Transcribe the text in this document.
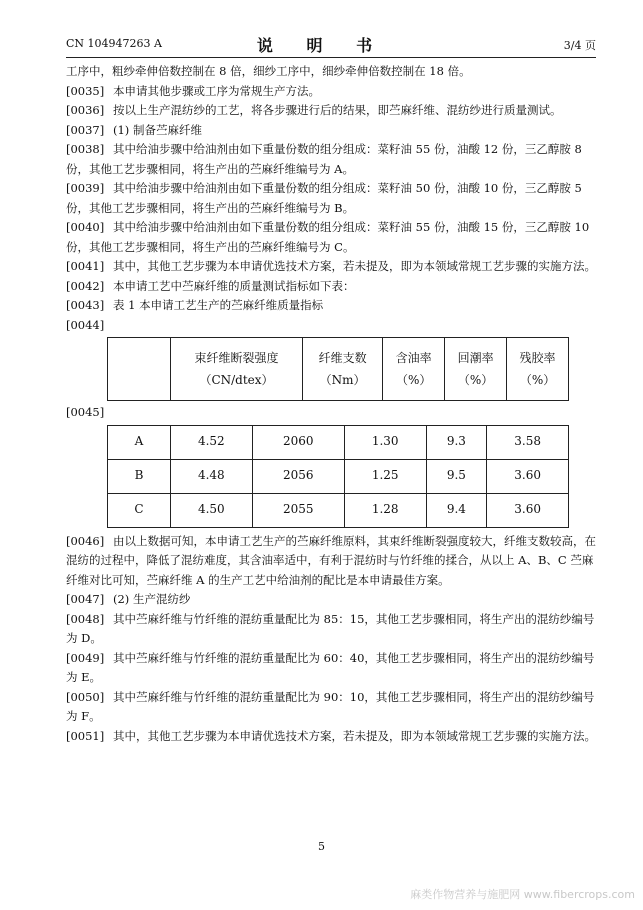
CN 104947263 A	说 明 书	3/4 页
工序中，粗纱牵伸倍数控制在 8 倍，细纱工序中，细纱牵伸倍数控制在 18 倍。
[0035] 本申请其他步骤或工序为常规生产方法。
[0036] 按以上生产混纺纱的工艺，将各步骤进行后的结果，即苎麻纤维、混纺纱进行质量测试。
[0037] (1) 制备苎麻纤维
[0038] 其中给油步骤中给油剂由如下重量份数的组分组成：菜籽油 55 份，油酸 12 份，三乙醇胺 8 份，其他工艺步骤相同，将生产出的苎麻纤维编号为 A。
[0039] 其中给油步骤中给油剂由如下重量份数的组分组成：菜籽油 50 份，油酸 10 份，三乙醇胺 5 份，其他工艺步骤相同，将生产出的苎麻纤维编号为 B。
[0040] 其中给油步骤中给油剂由如下重量份数的组分组成：菜籽油 55 份，油酸 15 份，三乙醇胺 10 份，其他工艺步骤相同，将生产出的苎麻纤维编号为 C。
[0041] 其中，其他工艺步骤为本申请优选技术方案，若未提及，即为本领域常规工艺步骤的实施方法。
[0042] 本申请工艺中苎麻纤维的质量测试指标如下表：
[0043] 表 1 本申请工艺生产的苎麻纤维质量指标
[0044]
	束纤维断裂强度（CN/dtex）	纤维支数（Nm）	含油率（%）	回潮率（%）	残胶率（%）
[0045]
A	4.52	2060	1.30	9.3	3.58
B	4.48	2056	1.25	9.5	3.60
C	4.50	2055	1.28	9.4	3.60
[0046] 由以上数据可知，本申请工艺生产的苎麻纤维原料，其束纤维断裂强度较大，纤维支数较高，在混纺的过程中，降低了混纺难度，其含油率适中，有利于混纺时与竹纤维的揉合，从以上 A、B、C 苎麻纤维对比可知，苎麻纤维 A 的生产工艺中给油剂的配比是本申请最佳方案。
[0047] (2) 生产混纺纱
[0048] 其中苎麻纤维与竹纤维的混纺重量配比为 85：15，其他工艺步骤相同，将生产出的混纺纱编号为 D。
[0049] 其中苎麻纤维与竹纤维的混纺重量配比为 60：40，其他工艺步骤相同，将生产出的混纺纱编号为 E。
[0050] 其中苎麻纤维与竹纤维的混纺重量配比为 90：10，其他工艺步骤相同，将生产出的混纺纱编号为 F。
[0051] 其中，其他工艺步骤为本申请优选技术方案，若未提及，即为本领域常规工艺步骤的实施方法。
5
麻类作物营养与施肥网 www.fibercrops.com
